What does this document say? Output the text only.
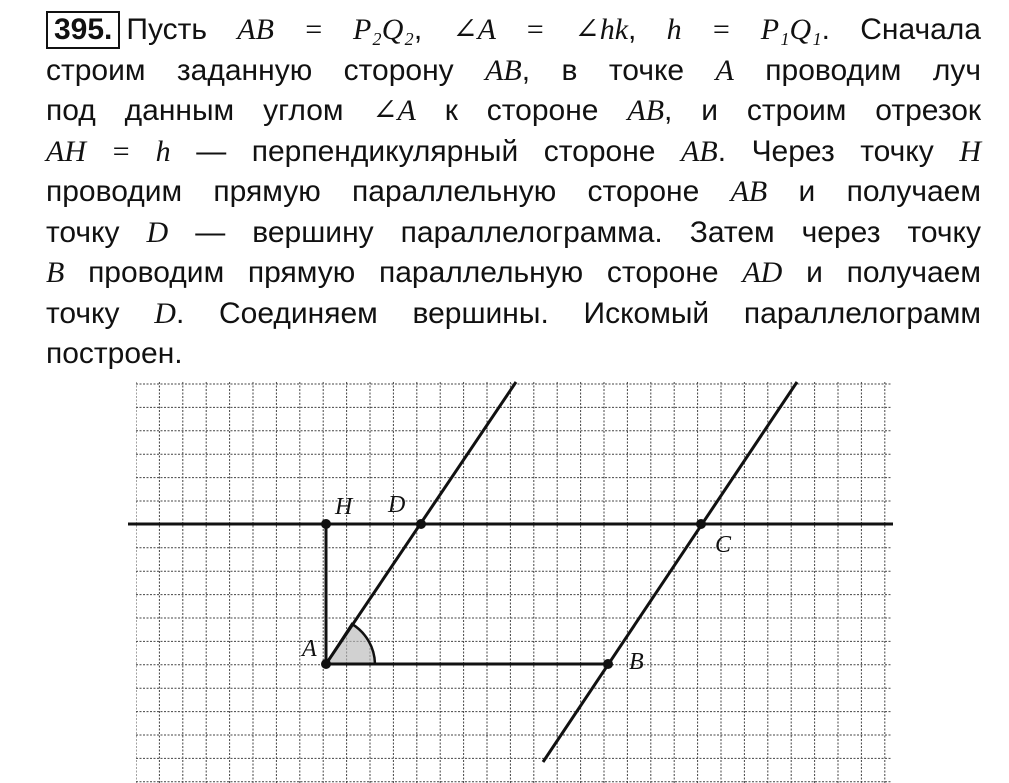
395. Пусть AB = P₂Q₂, ∠A = ∠hk, h = P₁Q₁. Сначала
строим заданную сторону AB, в точке A проводим луч
под данным углом ∠A к стороне AB, и строим отрезок
AH = h — перпендикулярный стороне AB. Через точку H
проводим прямую параллельную стороне AB и получаем
точку D — вершину параллелограмма. Затем через точку
B проводим прямую параллельную стороне AD и получаем
точку D. Соединяем вершины. Искомый параллелограмм
построен.
H D
C
A	B
